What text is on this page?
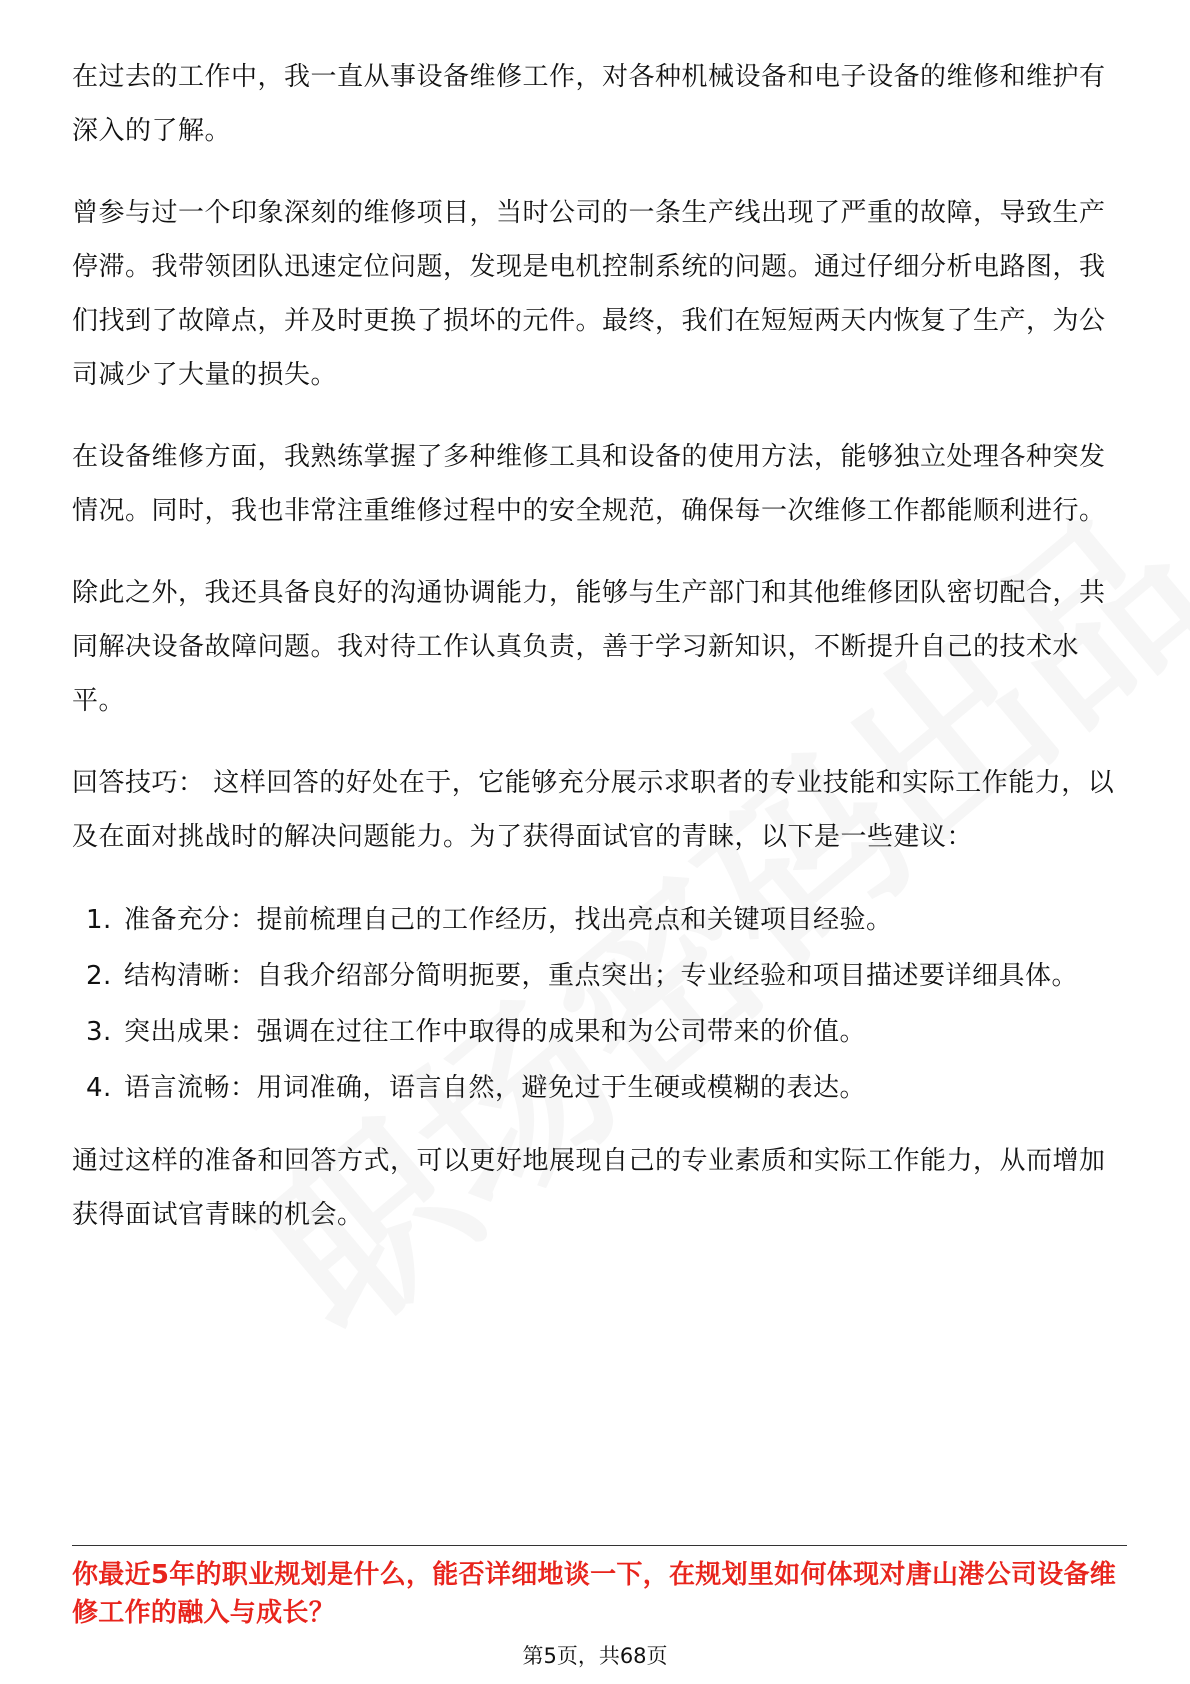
在过去的工作中，我一直从事设备维修工作，对各种机械设备和电子设备的维修和维护有深入的了解。

曾参与过一个印象深刻的维修项目，当时公司的一条生产线出现了严重的故障，导致生产停滞。我带领团队迅速定位问题，发现是电机控制系统的问题。通过仔细分析电路图，我们找到了故障点，并及时更换了损坏的元件。最终，我们在短短两天内恢复了生产，为公司减少了大量的损失。

在设备维修方面，我熟练掌握了多种维修工具和设备的使用方法，能够独立处理各种突发情况。同时，我也非常注重维修过程中的安全规范，确保每一次维修工作都能顺利进行。

除此之外，我还具备良好的沟通协调能力，能够与生产部门和其他维修团队密切配合，共同解决设备故障问题。我对待工作认真负责，善于学习新知识，不断提升自己的技术水平。

回答技巧： 这样回答的好处在于，它能够充分展示求职者的专业技能和实际工作能力，以及在面对挑战时的解决问题能力。为了获得面试官的青睐，以下是一些建议：

1. 准备充分：提前梳理自己的工作经历，找出亮点和关键项目经验。
2. 结构清晰：自我介绍部分简明扼要，重点突出；专业经验和项目描述要详细具体。
3. 突出成果：强调在过往工作中取得的成果和为公司带来的价值。
4. 语言流畅：用词准确，语言自然，避免过于生硬或模糊的表达。

通过这样的准备和回答方式，可以更好地展现自己的专业素质和实际工作能力，从而增加获得面试官青睐的机会。

你最近5年的职业规划是什么，能否详细地谈一下，在规划里如何体现对唐山港公司设备维修工作的融入与成长？

第5页，共68页
